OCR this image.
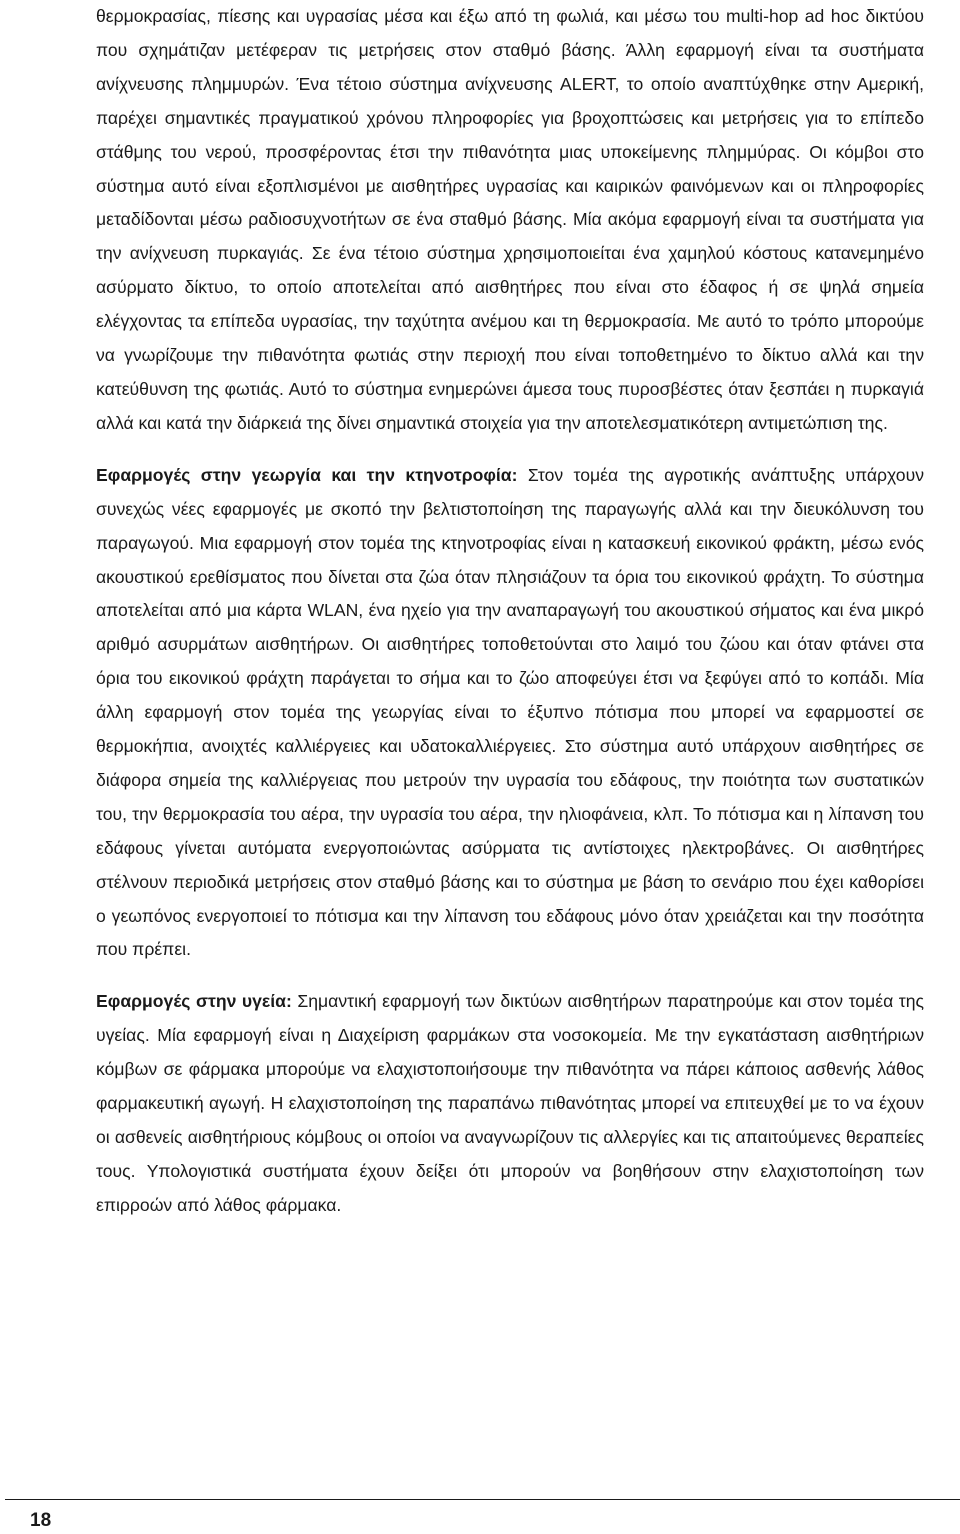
θερμοκρασίας, πίεσης και υγρασίας μέσα και έξω από τη φωλιά, και μέσω του multi-hop ad hoc δικτύου που σχημάτιζαν μετέφεραν τις μετρήσεις στον σταθμό βάσης. Άλλη εφαρμογή είναι τα συστήματα ανίχνευσης πλημμυρών. Ένα τέτοιο σύστημα ανίχνευσης ALERT, το οποίο αναπτύχθηκε στην Αμερική, παρέχει σημαντικές πραγματικού χρόνου πληροφορίες για βροχοπτώσεις και μετρήσεις για το επίπεδο στάθμης του νερού, προσφέροντας έτσι την πιθανότητα μιας υποκείμενης πλημμύρας. Οι κόμβοι στο σύστημα αυτό είναι εξοπλισμένοι με αισθητήρες υγρασίας και καιρικών φαινόμενων και οι πληροφορίες μεταδίδονται μέσω ραδιοσυχνοτήτων σε ένα σταθμό βάσης. Μία ακόμα εφαρμογή είναι τα συστήματα για την ανίχνευση πυρκαγιάς. Σε ένα τέτοιο σύστημα χρησιμοποιείται ένα χαμηλού κόστους κατανεμημένο ασύρματο δίκτυο, το οποίο αποτελείται από αισθητήρες που είναι στο έδαφος ή σε ψηλά σημεία ελέγχοντας τα επίπεδα υγρασίας, την ταχύτητα ανέμου και τη θερμοκρασία. Με αυτό το τρόπο μπορούμε να γνωρίζουμε την πιθανότητα φωτιάς στην περιοχή που είναι τοποθετημένο το δίκτυο αλλά και την κατεύθυνση της φωτιάς. Αυτό το σύστημα ενημερώνει άμεσα τους πυροσβέστες όταν ξεσπάει η πυρκαγιά αλλά και κατά την διάρκειά της δίνει σημαντικά στοιχεία για την αποτελεσματικότερη αντιμετώπιση της.

Εφαρμογές στην γεωργία και την κτηνοτροφία: Στον τομέα της αγροτικής ανάπτυξης υπάρχουν συνεχώς νέες εφαρμογές με σκοπό την βελτιστοποίηση της παραγωγής αλλά και την διευκόλυνση του παραγωγού. Μια εφαρμογή στον τομέα της κτηνοτροφίας είναι η κατασκευή εικονικού φράκτη, μέσω ενός ακουστικού ερεθίσματος που δίνεται στα ζώα όταν πλησιάζουν τα όρια του εικονικού φράχτη. Το σύστημα αποτελείται από μια κάρτα WLAN, ένα ηχείο για την αναπαραγωγή του ακουστικού σήματος και ένα μικρό αριθμό ασυρμάτων αισθητήρων. Οι αισθητήρες τοποθετούνται στο λαιμό του ζώου και όταν φτάνει στα όρια του εικονικού φράχτη παράγεται το σήμα και το ζώο αποφεύγει έτσι να ξεφύγει από το κοπάδι. Μία άλλη εφαρμογή στον τομέα της γεωργίας είναι το έξυπνο πότισμα που μπορεί να εφαρμοστεί σε θερμοκήπια, ανοιχτές καλλιέργειες και υδατοκαλλιέργειες. Στο σύστημα αυτό υπάρχουν αισθητήρες σε διάφορα σημεία της καλλιέργειας που μετρούν την υγρασία του εδάφους, την ποιότητα των συστατικών του, την θερμοκρασία του αέρα, την υγρασία του αέρα, την ηλιοφάνεια, κλπ. Το πότισμα και η λίπανση του εδάφους γίνεται αυτόματα ενεργοποιώντας ασύρματα τις αντίστοιχες ηλεκτροβάνες. Οι αισθητήρες στέλνουν περιοδικά μετρήσεις στον σταθμό βάσης και το σύστημα με βάση το σενάριο που έχει καθορίσει ο γεωπόνος ενεργοποιεί το πότισμα και την λίπανση του εδάφους μόνο όταν χρειάζεται και την ποσότητα που πρέπει.

Εφαρμογές στην υγεία: Σημαντική εφαρμογή των δικτύων αισθητήρων παρατηρούμε και στον τομέα της υγείας. Μία εφαρμογή είναι η Διαχείριση φαρμάκων στα νοσοκομεία. Με την εγκατάσταση αισθητήριων κόμβων σε φάρμακα μπορούμε να ελαχιστοποιήσουμε την πιθανότητα να πάρει κάποιος ασθενής λάθος φαρμακευτική αγωγή. Η ελαχιστοποίηση της παραπάνω πιθανότητας μπορεί να επιτευχθεί με το να έχουν οι ασθενείς αισθητήριους κόμβους οι οποίοι να αναγνωρίζουν τις αλλεργίες και τις απαιτούμενες θεραπείες τους. Υπολογιστικά συστήματα έχουν δείξει ότι μπορούν να βοηθήσουν στην ελαχιστοποίηση των επιρροών από λάθος φάρμακα.

18
